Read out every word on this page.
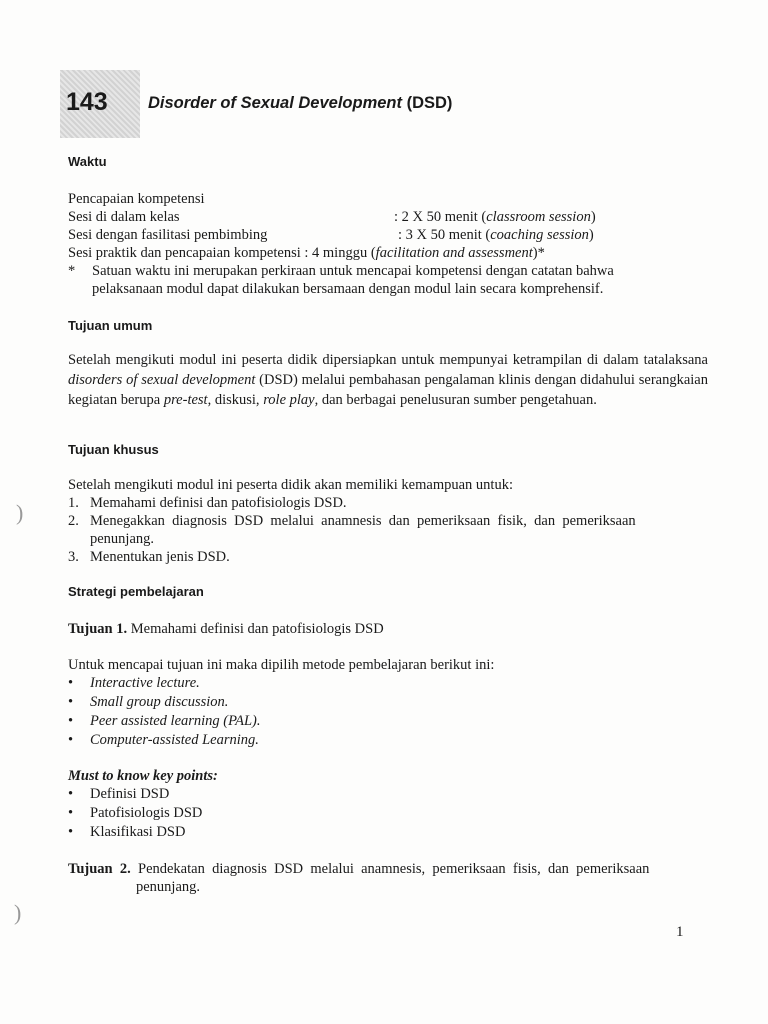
143 Disorder of Sexual Development (DSD)
Waktu
Pencapaian kompetensi
Sesi di dalam kelas	: 2 X 50 menit (classroom session)
Sesi dengan fasilitasi pembimbing	: 3 X 50 menit (coaching session)
Sesi praktik dan pencapaian kompetensi : 4 minggu (facilitation and assessment)*
* Satuan waktu ini merupakan perkiraan untuk mencapai kompetensi dengan catatan bahwa
pelaksanaan modul dapat dilakukan bersamaan dengan modul lain secara komprehensif.
Tujuan umum
Setelah mengikuti modul ini peserta didik dipersiapkan untuk mempunyai ketrampilan di dalam tatalaksana disorders of sexual development (DSD) melalui pembahasan pengalaman klinis dengan didahului serangkaian kegiatan berupa pre-test, diskusi, role play, dan berbagai penelusuran sumber pengetahuan.
Tujuan khusus
Setelah mengikuti modul ini peserta didik akan memiliki kemampuan untuk:
1. Memahami definisi dan patofisiologis DSD.
2. Menegakkan  diagnosis  DSD  melalui  anamnesis  dan  pemeriksaan  fisik,  dan  pemeriksaan
penunjang.
3. Menentukan jenis DSD.
Strategi pembelajaran
Tujuan 1. Memahami definisi dan patofisiologis DSD
Untuk mencapai tujuan ini maka dipilih metode pembelajaran berikut ini:
• Interactive lecture.
• Small group discussion.
• Peer assisted learning (PAL).
• Computer-assisted Learning.
Must to know key points:
• Definisi DSD
• Patofisiologis DSD
• Klasifikasi DSD
Tujuan  2.  Pendekatan  diagnosis  DSD  melalui  anamnesis,  pemeriksaan  fisis,  dan  pemeriksaan
penunjang.
1
)
)
